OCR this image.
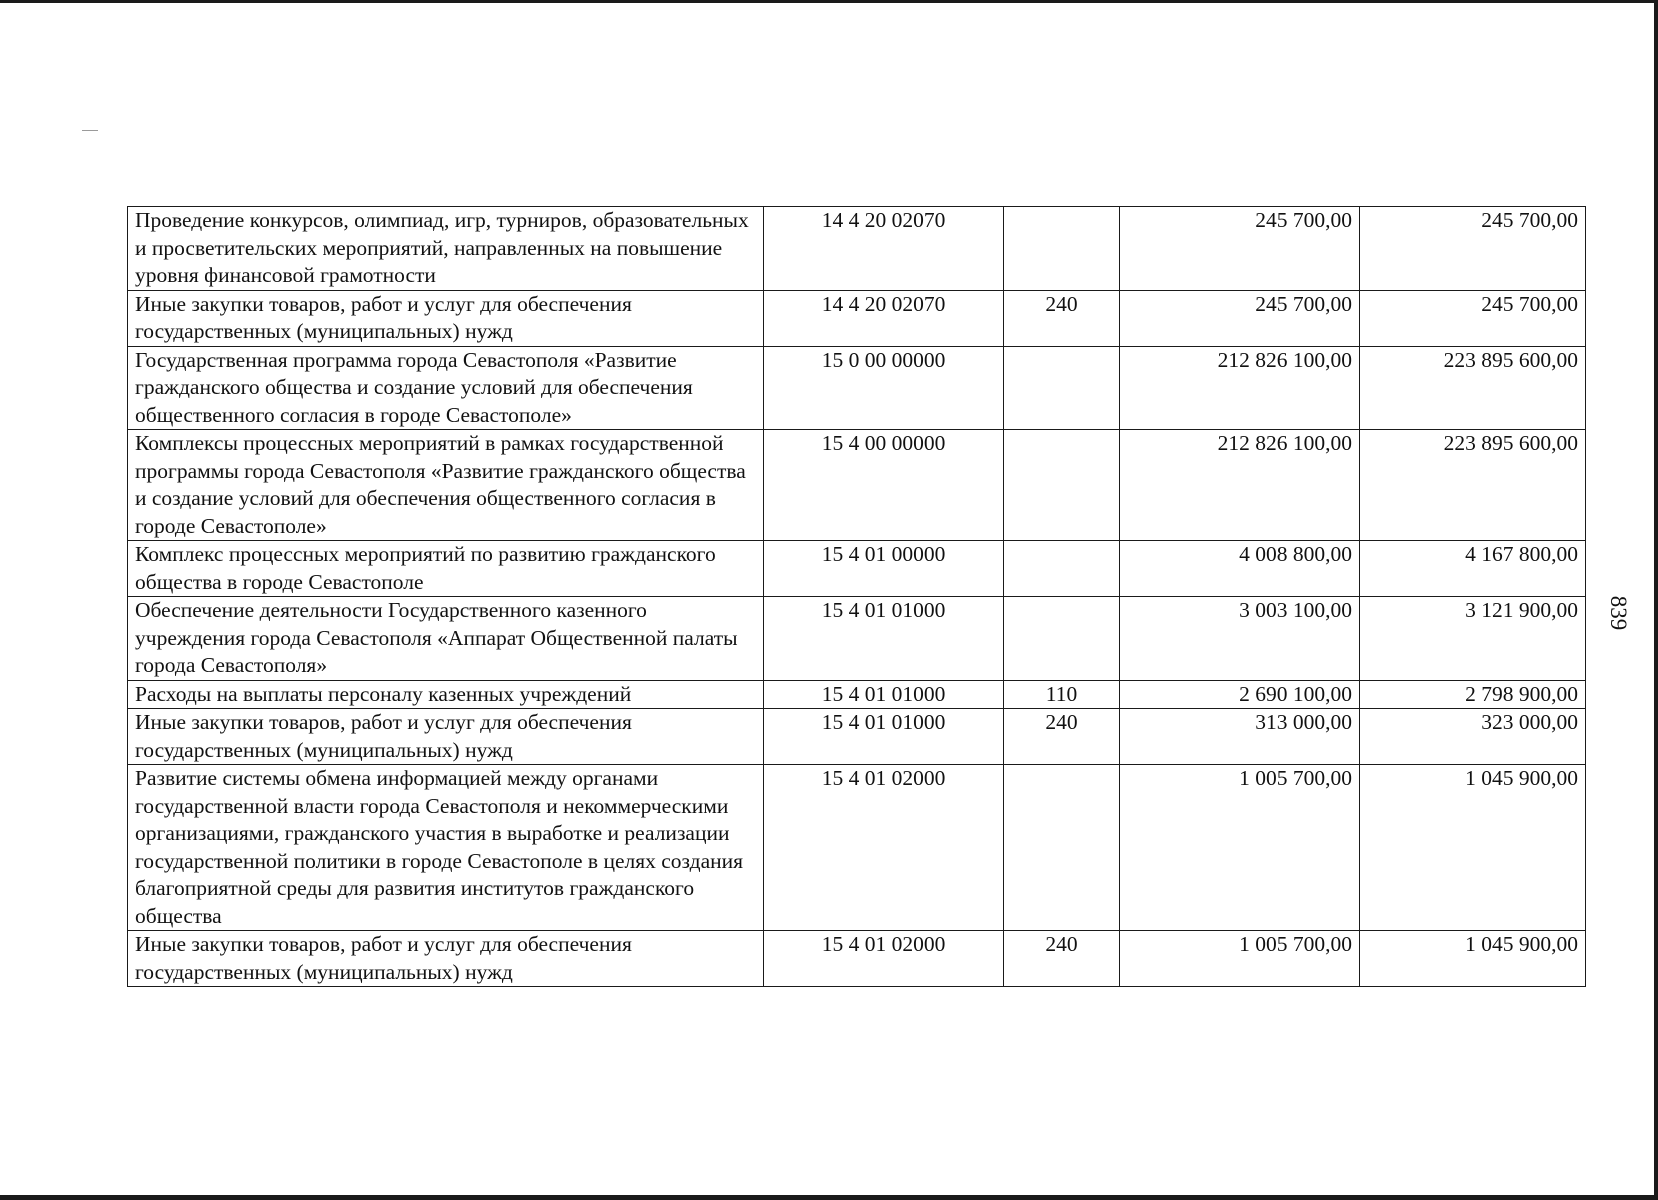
Проведение конкурсов, олимпиад, игр, турниров, образовательных и просветительских мероприятий, направленных на повышение уровня финансовой грамотности	14 4 20 02070		245 700,00	245 700,00
Иные закупки товаров, работ и услуг для обеспечения государственных (муниципальных) нужд	14 4 20 02070	240	245 700,00	245 700,00
Государственная программа города Севастополя «Развитие гражданского общества и создание условий для обеспечения общественного согласия в городе Севастополе»	15 0 00 00000		212 826 100,00	223 895 600,00
Комплексы процессных мероприятий в рамках государственной программы города Севастополя «Развитие гражданского общества и создание условий для обеспечения общественного согласия в городе Севастополе»	15 4 00 00000		212 826 100,00	223 895 600,00
Комплекс процессных мероприятий по развитию гражданского общества в городе Севастополе	15 4 01 00000		4 008 800,00	4 167 800,00
Обеспечение деятельности Государственного казенного учреждения города Севастополя «Аппарат Общественной палаты города Севастополя»	15 4 01 01000		3 003 100,00	3 121 900,00
Расходы на выплаты персоналу казенных учреждений	15 4 01 01000	110	2 690 100,00	2 798 900,00
Иные закупки товаров, работ и услуг для обеспечения государственных (муниципальных) нужд	15 4 01 01000	240	313 000,00	323 000,00
Развитие системы обмена информацией между органами государственной власти города Севастополя и некоммерческими организациями, гражданского участия в выработке и реализации государственной политики в городе Севастополе в целях создания благоприятной среды для развития институтов гражданского общества	15 4 01 02000		1 005 700,00	1 045 900,00
Иные закупки товаров, работ и услуг для обеспечения государственных (муниципальных) нужд	15 4 01 02000	240	1 005 700,00	1 045 900,00
839
